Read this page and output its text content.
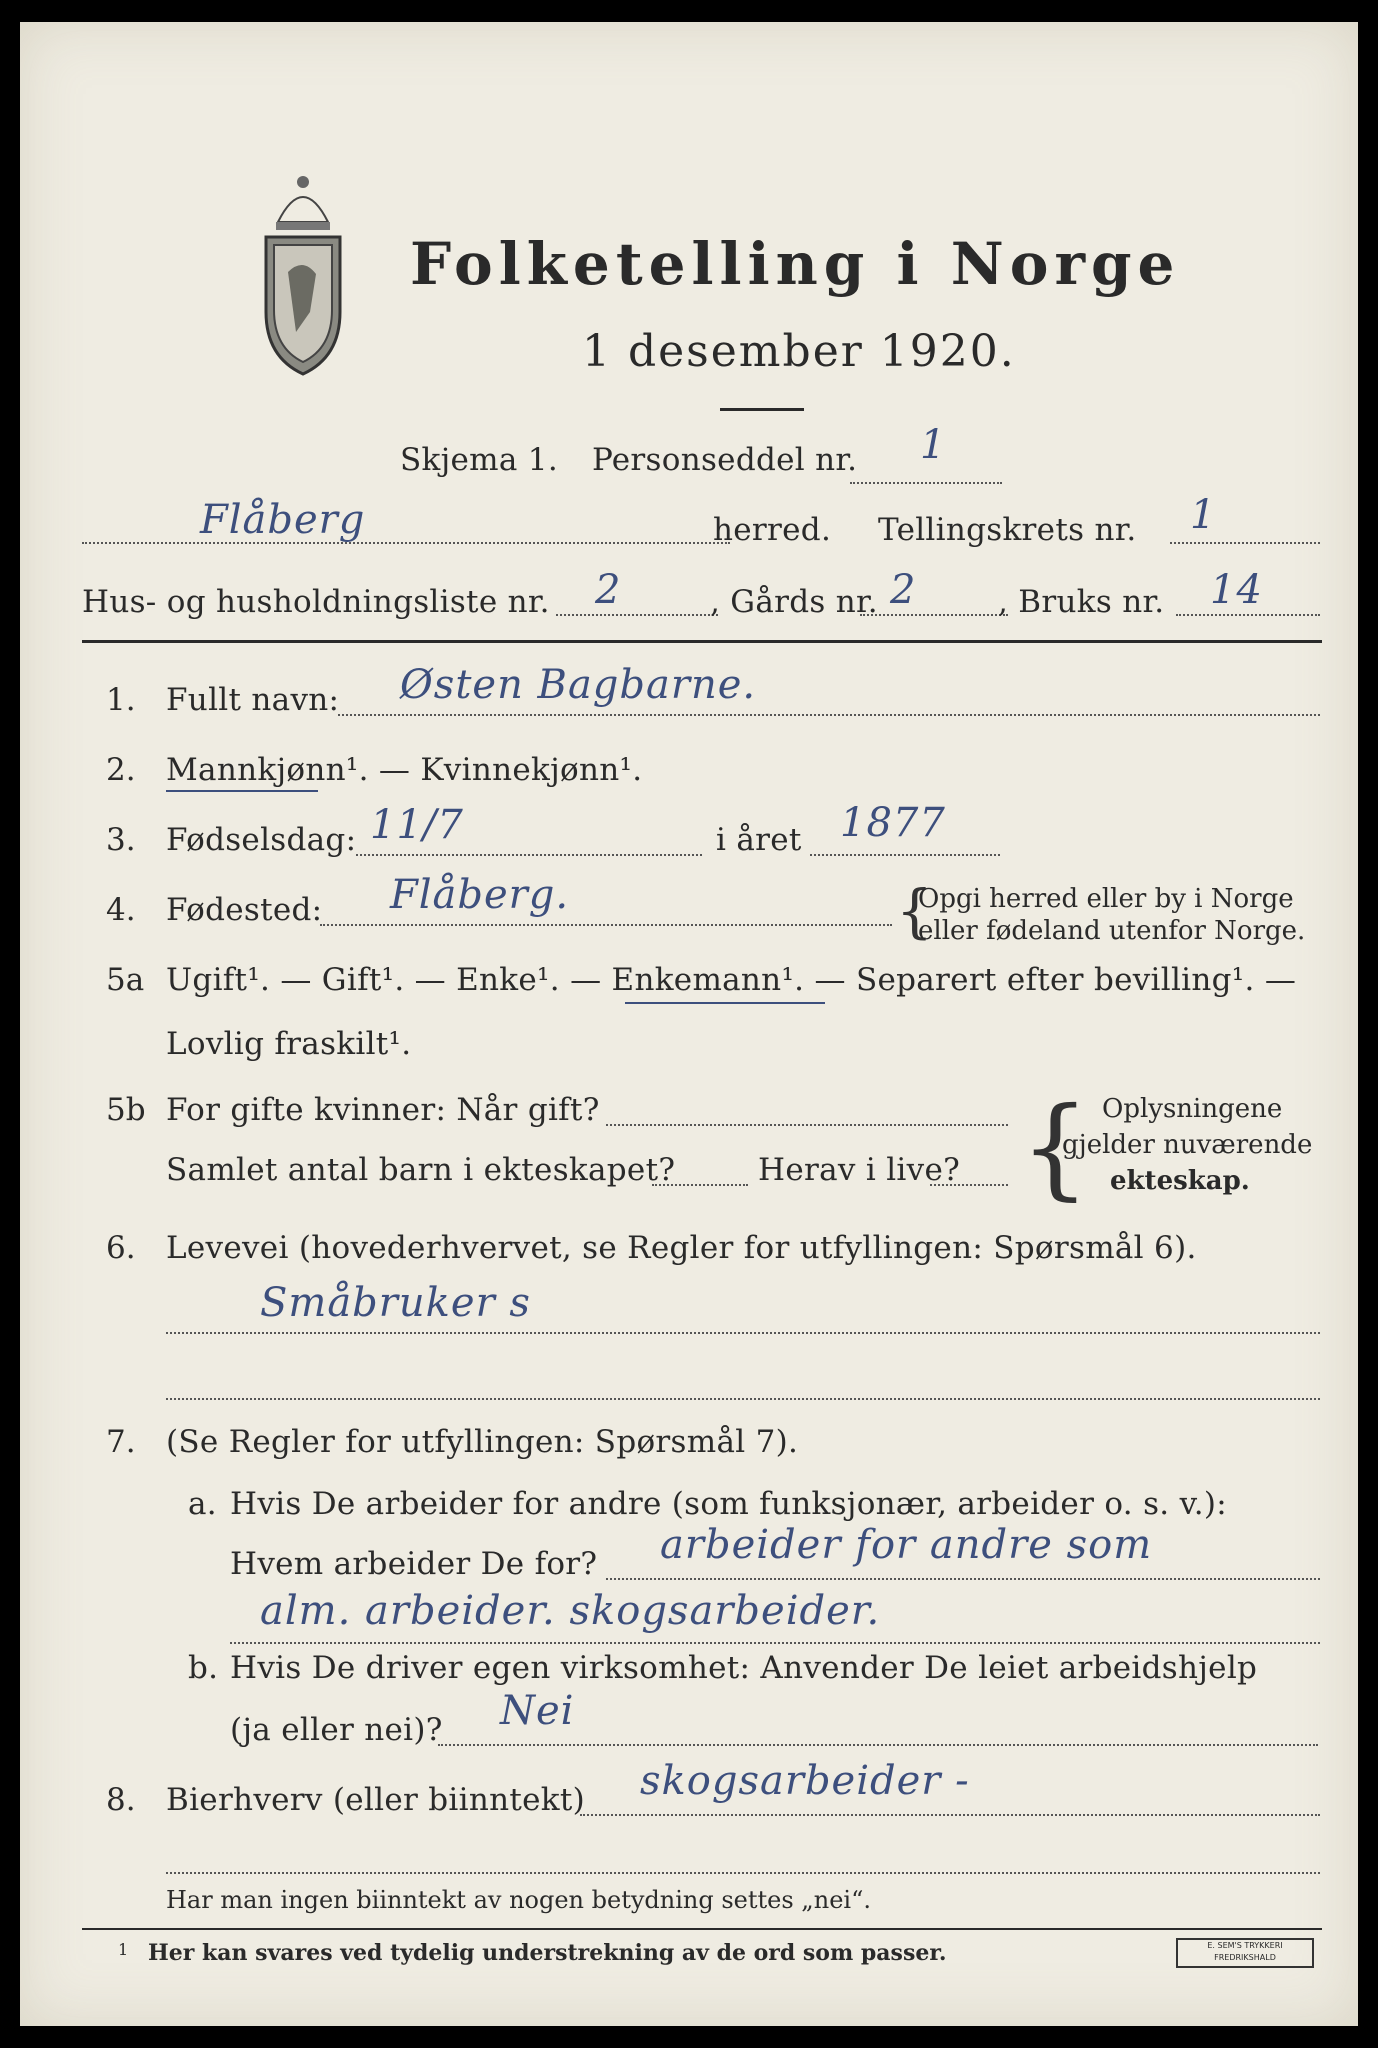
Folketelling i Norge
1 desember 1920.
Skjema 1. Personseddel nr. 1
Flåberg	herred. Tellingskrets nr. 1
Hus- og husholdningsliste nr. 2	, Gårds nr. 2	, Bruks nr. 14
1. Fullt navn: Østen Bagbarne.
2. Mannkjønn¹. — Kvinnekjønn¹.
3. Fødselsdag: 11/7	i året 1877
4. Fødested: Flåberg.	{
Opgi herred eller by i Norge
eller fødeland utenfor Norge.
5a Ugift¹. — Gift¹. — Enke¹. — Enkemann¹. — Separert efter bevilling¹. —
Lovlig fraskilt¹.
5b For gifte kvinner: Når gift?
Samlet antal barn i ekteskapet?	Herav i live? { Oplysningene
gjelder nuværende
ekteskap.
6. Levevei (hovederhvervet, se Regler for utfyllingen: Spørsmål 6).
Småbruker s
7. (Se Regler for utfyllingen: Spørsmål 7).
a. Hvis De arbeider for andre (som funksjonær, arbeider o. s. v.):
Hvem arbeider De for? arbeider for andre som
alm. arbeider. skogsarbeider.
b. Hvis De driver egen virksomhet: Anvender De leiet arbeidshjelp
(ja eller nei)? Nei
8. Bierhverv (eller biinntekt) skogsarbeider -
Har man ingen biinntekt av nogen betydning settes „nei“.
1 Her kan svares ved tydelig understrekning av de ord som passer.	E. SEM'S TRYKKERI FREDRIKSHALD
